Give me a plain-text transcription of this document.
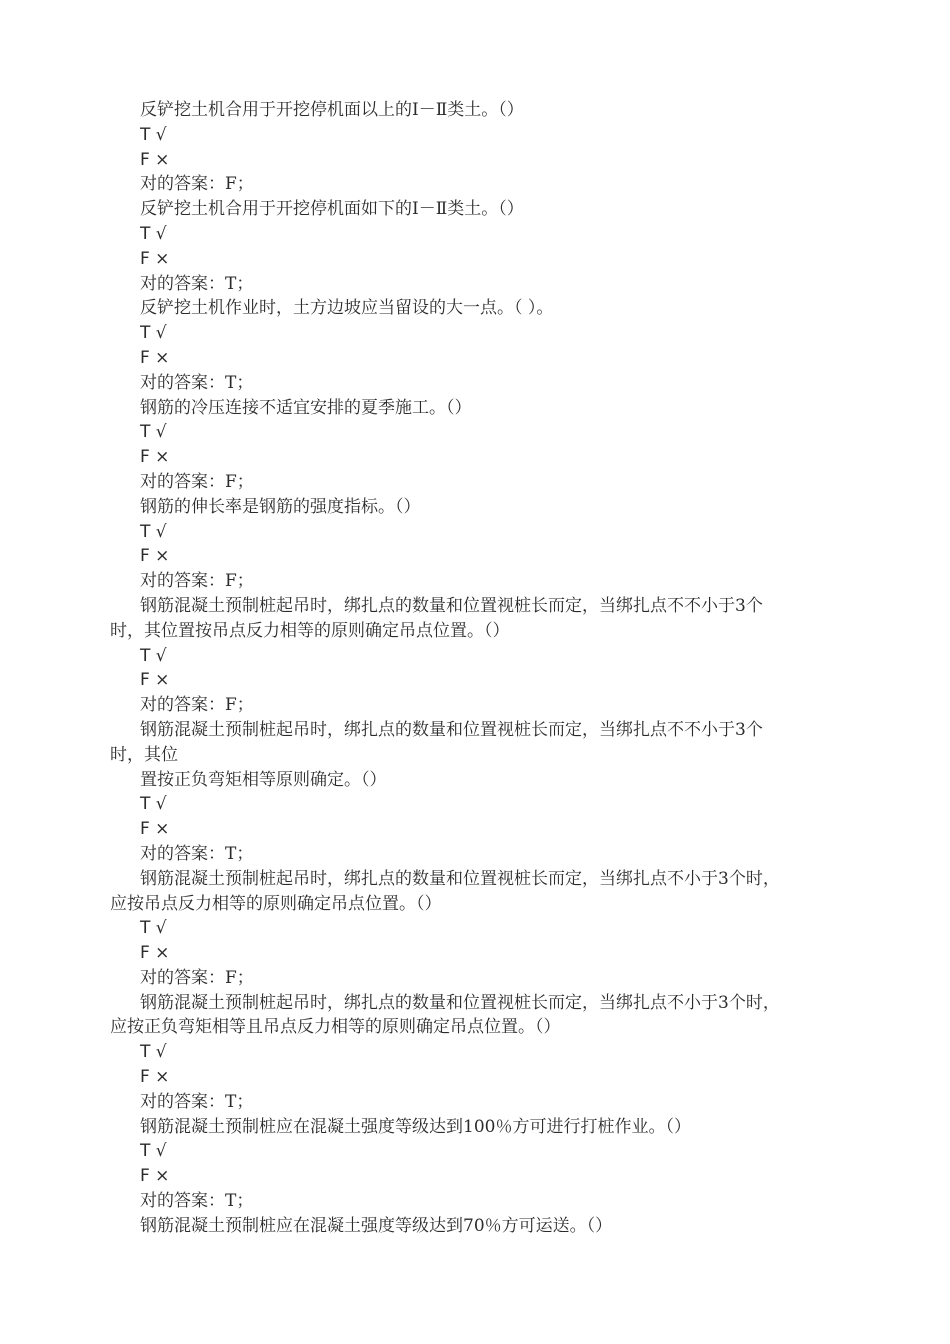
反铲挖土机合用于开挖停机面以上的Ⅰ－Ⅱ类土。（）
T √
F ×
对的答案：F；
反铲挖土机合用于开挖停机面如下的Ⅰ－Ⅱ类土。（）
T √
F ×
对的答案：T；
反铲挖土机作业时，土方边坡应当留设的大一点。（ ）。
T √
F ×
对的答案：T；
钢筋的冷压连接不适宜安排的夏季施工。（）
T √
F ×
对的答案：F；
钢筋的伸长率是钢筋的强度指标。（）
T √
F ×
对的答案：F；
钢筋混凝土预制桩起吊时，绑扎点的数量和位置视桩长而定，当绑扎点不不小于3个
时，其位置按吊点反力相等的原则确定吊点位置。（）
T √
F ×
对的答案：F；
钢筋混凝土预制桩起吊时，绑扎点的数量和位置视桩长而定，当绑扎点不不小于3个
时，其位
置按正负弯矩相等原则确定。（）
T √
F ×
对的答案：T；
钢筋混凝土预制桩起吊时，绑扎点的数量和位置视桩长而定，当绑扎点不小于3个时，
应按吊点反力相等的原则确定吊点位置。（）
T √
F ×
对的答案：F；
钢筋混凝土预制桩起吊时，绑扎点的数量和位置视桩长而定，当绑扎点不小于3个时，
应按正负弯矩相等且吊点反力相等的原则确定吊点位置。（）
T √
F ×
对的答案：T；
钢筋混凝土预制桩应在混凝土强度等级达到100％方可进行打桩作业。（）
T √
F ×
对的答案：T；
钢筋混凝土预制桩应在混凝土强度等级达到70％方可运送。（）
